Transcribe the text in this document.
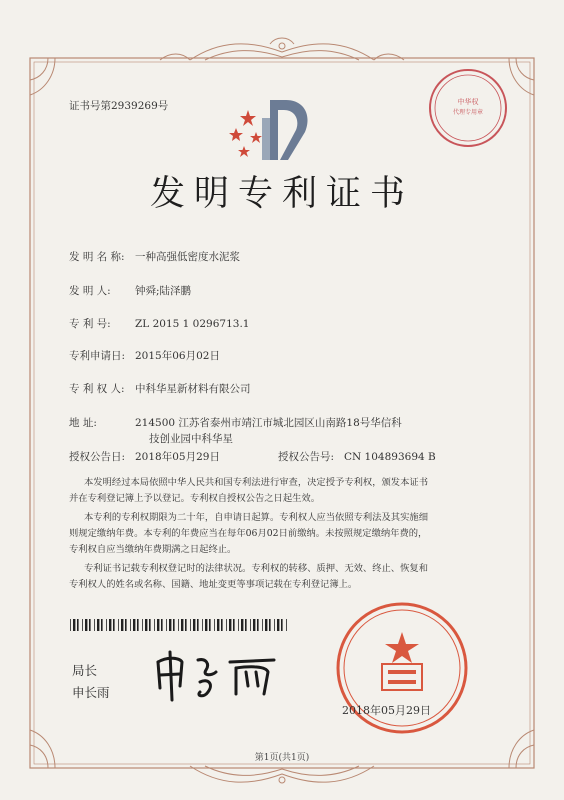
中华权
代理专用章
证书号第2939269号
发明专利证书
发 明 名 称: 一种高强低密度水泥浆
发 明 人: 钟舜;陆泽鹏
专 利 号: ZL 2015 1 0296713.1
专利申请日: 2015年06月02日
专 利 权 人: 中科华星新材料有限公司
地 址:	214500 江苏省泰州市靖江市城北园区山南路18号华信科
技创业园中科华星
授权公告日: 2018年05月29日	授权公告号: CN 104893694 B
本发明经过本局依照中华人民共和国专利法进行审查，决定授予专利权，颁发本证书
并在专利登记簿上予以登记。专利权自授权公告之日起生效。
本专利的专利权期限为二十年，自申请日起算。专利权人应当依照专利法及其实施细
则规定缴纳年费。本专利的年费应当在每年06月02日前缴纳。未按照规定缴纳年费的，
专利权自应当缴纳年费期满之日起终止。
专利证书记载专利权登记时的法律状况。专利权的转移、质押、无效、终止、恢复和
专利权人的姓名或名称、国籍、地址变更等事项记载在专利登记簿上。
局长
申长雨
2018年05月29日
第1页(共1页)
